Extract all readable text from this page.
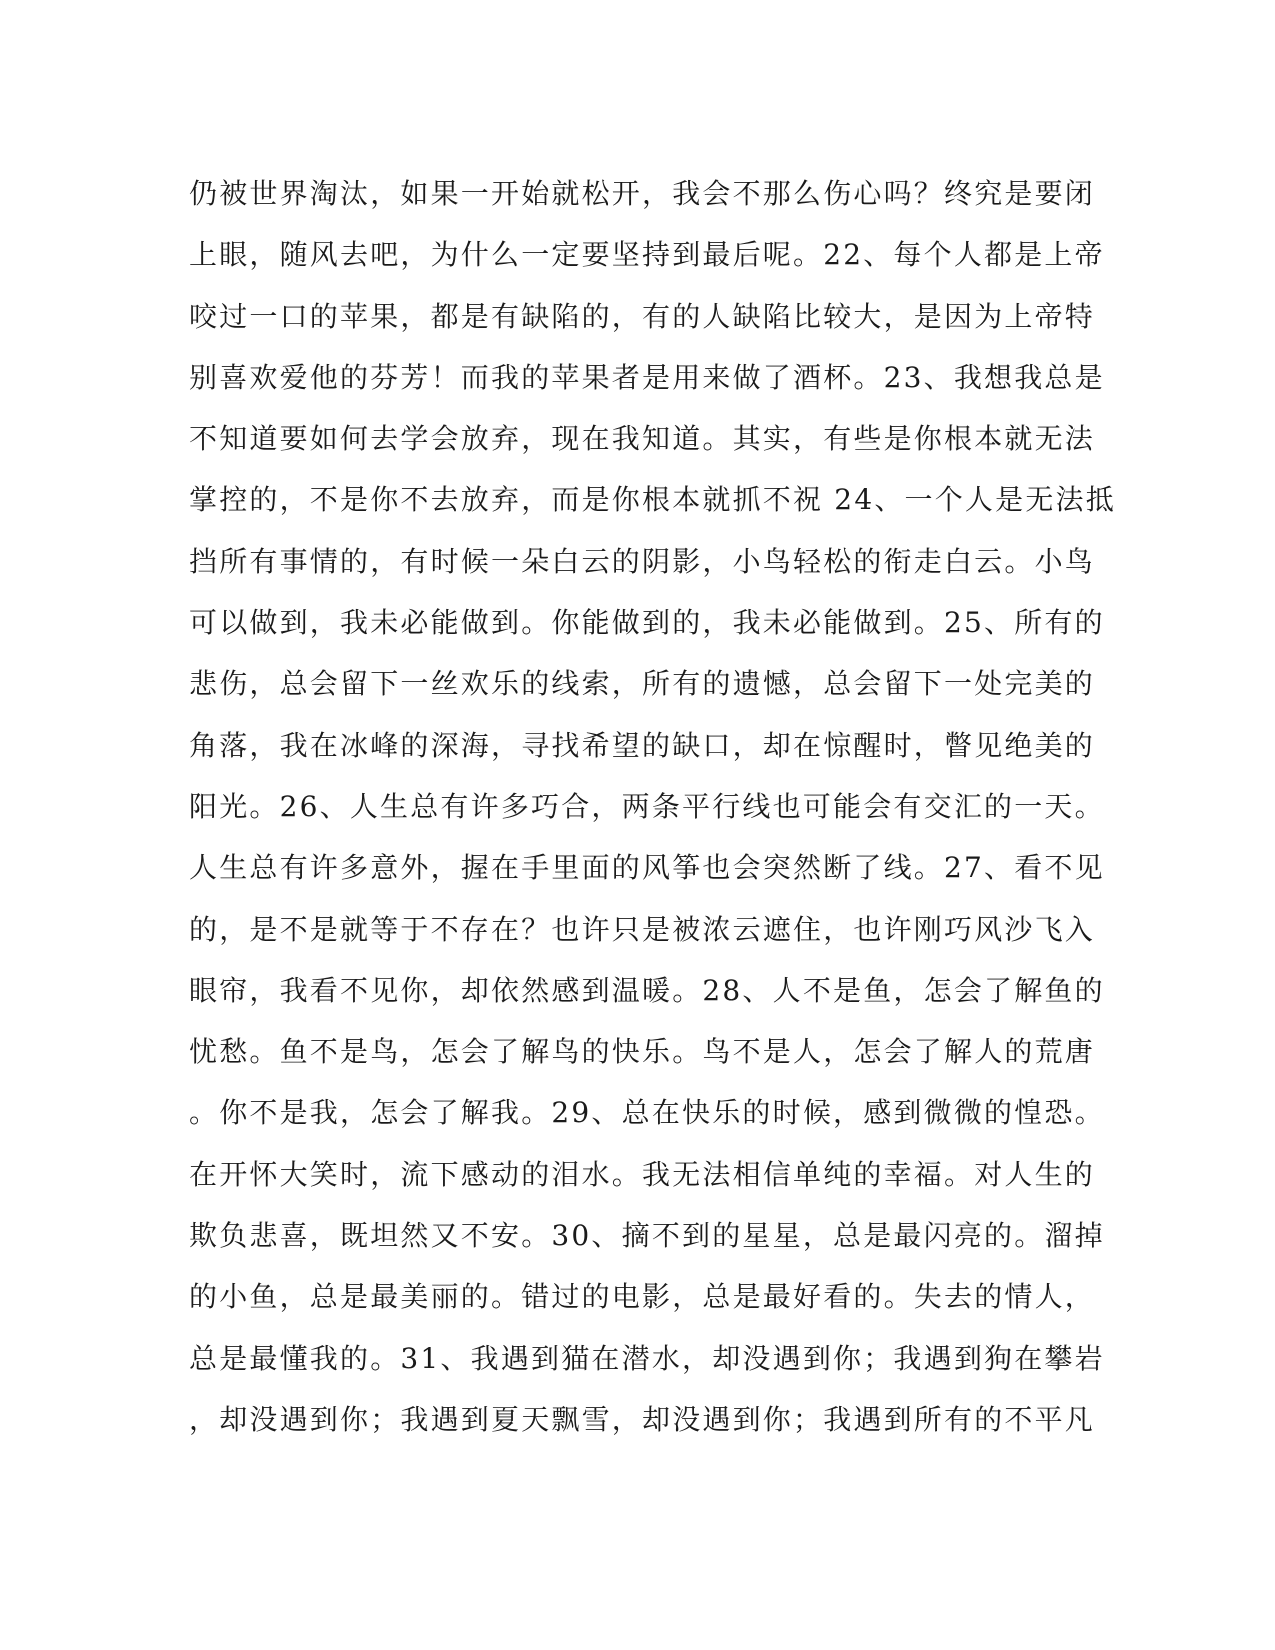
仍被世界淘汰，如果一开始就松开，我会不那么伤心吗？终究是要闭
上眼，随风去吧，为什么一定要坚持到最后呢。22、每个人都是上帝
咬过一口的苹果，都是有缺陷的，有的人缺陷比较大，是因为上帝特
别喜欢爱他的芬芳！而我的苹果者是用来做了酒杯。23、我想我总是
不知道要如何去学会放弃，现在我知道。其实，有些是你根本就无法
掌控的，不是你不去放弃，而是你根本就抓不祝 24、一个人是无法抵
挡所有事情的，有时候一朵白云的阴影，小鸟轻松的衔走白云。小鸟
可以做到，我未必能做到。你能做到的，我未必能做到。25、所有的
悲伤，总会留下一丝欢乐的线索，所有的遗憾，总会留下一处完美的
角落，我在冰峰的深海，寻找希望的缺口，却在惊醒时，瞥见绝美的
阳光。26、人生总有许多巧合，两条平行线也可能会有交汇的一天。
人生总有许多意外，握在手里面的风筝也会突然断了线。27、看不见
的，是不是就等于不存在？也许只是被浓云遮住，也许刚巧风沙飞入
眼帘，我看不见你，却依然感到温暖。28、人不是鱼，怎会了解鱼的
忧愁。鱼不是鸟，怎会了解鸟的快乐。鸟不是人，怎会了解人的荒唐
。你不是我，怎会了解我。29、总在快乐的时候，感到微微的惶恐。
在开怀大笑时，流下感动的泪水。我无法相信单纯的幸福。对人生的
欺负悲喜，既坦然又不安。30、摘不到的星星，总是最闪亮的。溜掉
的小鱼，总是最美丽的。错过的电影，总是最好看的。失去的情人，
总是最懂我的。31、我遇到猫在潜水，却没遇到你；我遇到狗在攀岩
，却没遇到你；我遇到夏天飘雪，却没遇到你；我遇到所有的不平凡
